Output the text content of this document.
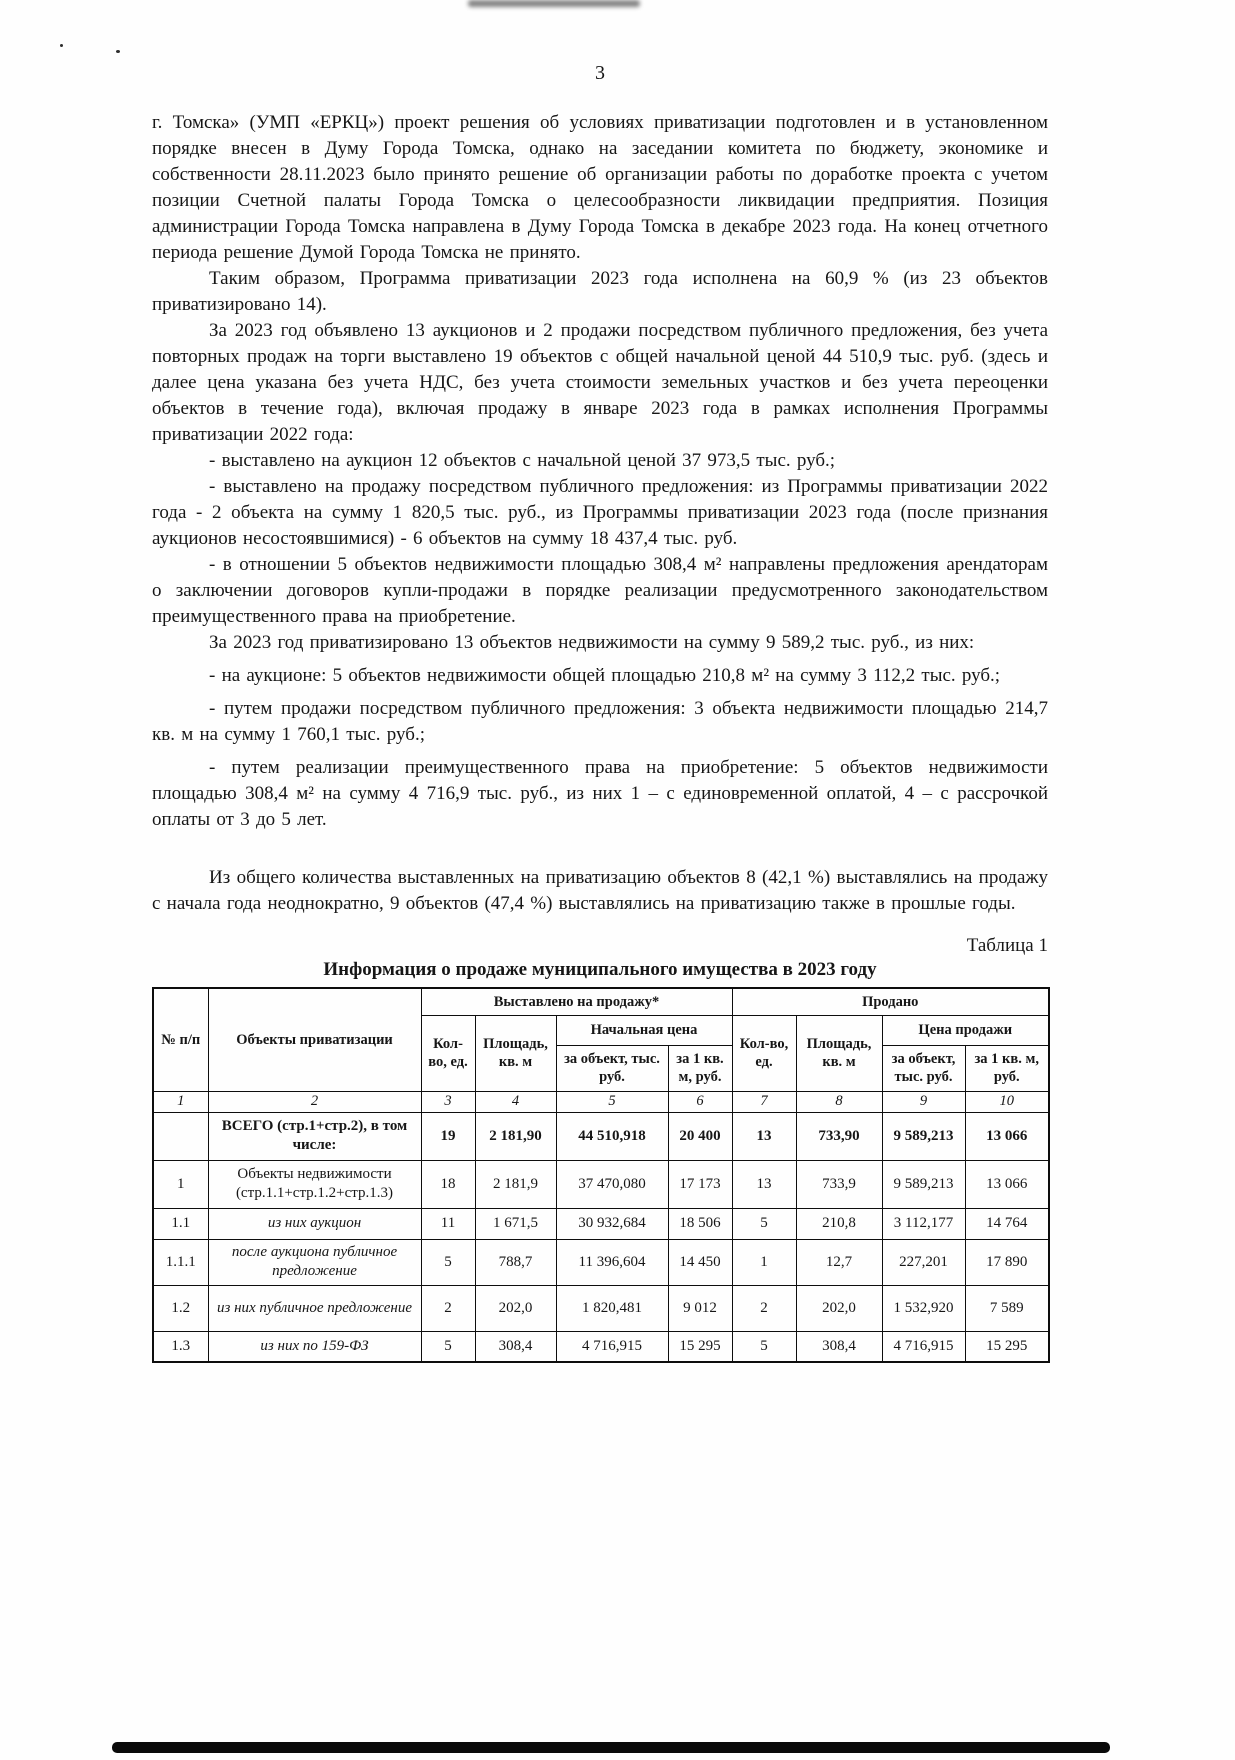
3

г. Томска» (УМП «ЕРКЦ») проект решения об условиях приватизации подготовлен и в установленном порядке внесен в Думу Города Томска, однако на заседании комитета по бюджету, экономике и собственности 28.11.2023 было принято решение об организации работы по доработке проекта с учетом позиции Счетной палаты Города Томска о целесообразности ликвидации предприятия. Позиция администрации Города Томска направлена в Думу Города Томска в декабре 2023 года. На конец отчетного периода решение Думой Города Томска не принято.

Таким образом, Программа приватизации 2023 года исполнена на 60,9 % (из 23 объектов приватизировано 14).

За 2023 год объявлено 13 аукционов и 2 продажи посредством публичного предложения, без учета повторных продаж на торги выставлено 19 объектов с общей начальной ценой 44 510,9 тыс. руб. (здесь и далее цена указана без учета НДС, без учета стоимости земельных участков и без учета переоценки объектов в течение года), включая продажу в январе 2023 года в рамках исполнения Программы приватизации 2022 года:

- выставлено на аукцион 12 объектов с начальной ценой 37 973,5 тыс. руб.;

- выставлено на продажу посредством публичного предложения: из Программы приватизации 2022 года - 2 объекта на сумму 1 820,5 тыс. руб., из Программы приватизации 2023 года (после признания аукционов несостоявшимися) - 6 объектов на сумму 18 437,4 тыс. руб.

- в отношении 5 объектов недвижимости площадью 308,4 м² направлены предложения арендаторам о заключении договоров купли-продажи в порядке реализации предусмотренного законодательством преимущественного права на приобретение.

За 2023 год приватизировано 13 объектов недвижимости на сумму 9 589,2 тыс. руб., из них:

- на аукционе: 5 объектов недвижимости общей площадью 210,8 м² на сумму 3 112,2 тыс. руб.;

- путем продажи посредством публичного предложения: 3 объекта недвижимости площадью 214,7 кв. м на сумму 1 760,1 тыс. руб.;

- путем реализации преимущественного права на приобретение: 5 объектов недвижимости площадью 308,4 м² на сумму 4 716,9 тыс. руб., из них 1 – с единовременной оплатой, 4 – с рассрочкой оплаты от 3 до 5 лет.

Из общего количества выставленных на приватизацию объектов 8 (42,1 %) выставлялись на продажу с начала года неоднократно, 9 объектов (47,4 %) выставлялись на приватизацию также в прошлые годы.

Таблица 1
Информация о продаже муниципального имущества в 2023 году
№ п/п	Объекты приватизации	Выставлено на продажу*				Продано			
		Кол-во, ед.	Площадь, кв. м	Начальная цена		Кол-во, ед.	Площадь, кв. м	Цена продажи	
				за объект, тыс. руб.	за 1 кв. м, руб.			за объект, тыс. руб.	за 1 кв. м, руб.
1	2	3	4	5	6	7	8	9	10
	ВСЕГО (стр.1+стр.2), в том числе:	19	2 181,90	44 510,918	20 400	13	733,90	9 589,213	13 066
1	Объекты недвижимости (стр.1.1+стр.1.2+стр.1.3)	18	2 181,9	37 470,080	17 173	13	733,9	9 589,213	13 066
1.1	из них аукцион	11	1 671,5	30 932,684	18 506	5	210,8	3 112,177	14 764
1.1.1	после аукциона публичное предложение	5	788,7	11 396,604	14 450	1	12,7	227,201	17 890
1.2	из них публичное предложение	2	202,0	1 820,481	9 012	2	202,0	1 532,920	7 589
1.3	из них по 159-ФЗ	5	308,4	4 716,915	15 295	5	308,4	4 716,915	15 295
